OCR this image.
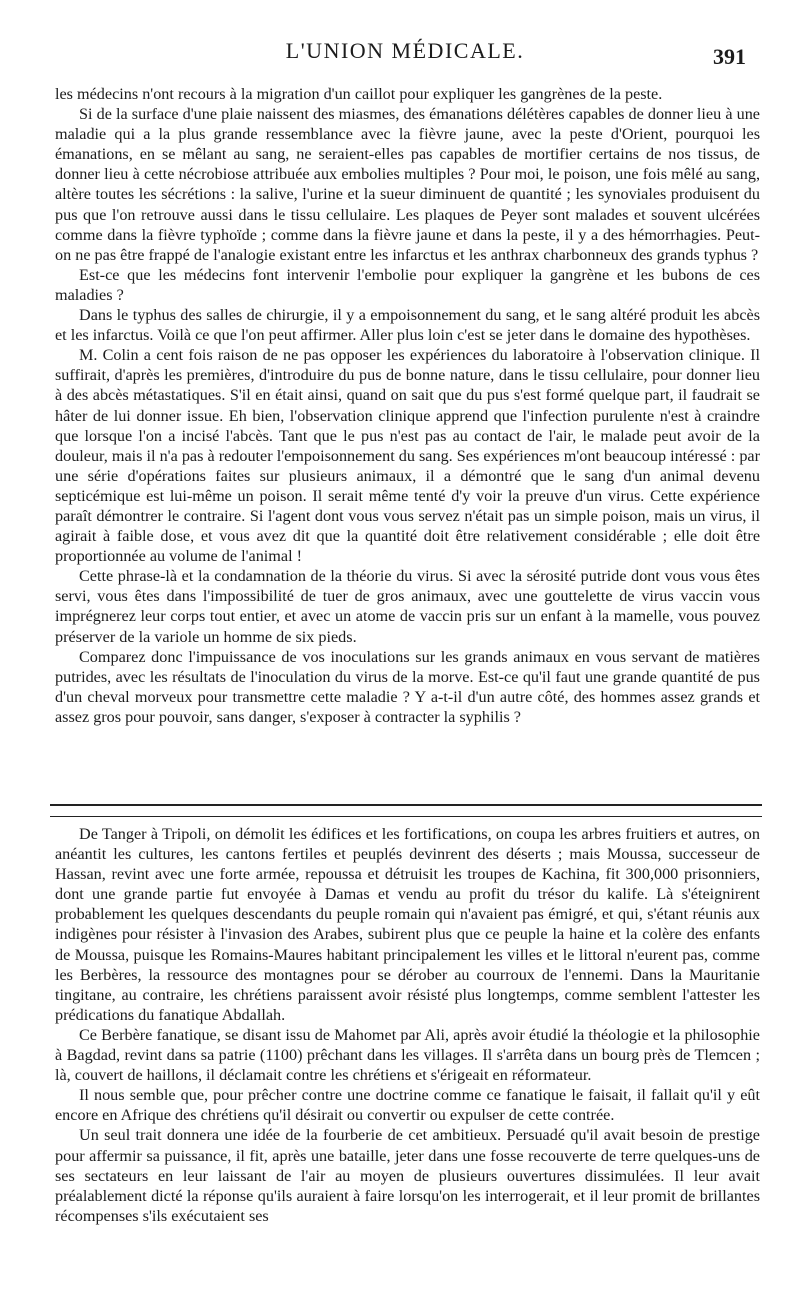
L'UNION MÉDICALE.	391

les médecins n'ont recours à la migration d'un caillot pour expliquer les gangrènes de la peste.

Si de la surface d'une plaie naissent des miasmes, des émanations délétères capables de donner lieu à une maladie qui a la plus grande ressemblance avec la fièvre jaune, avec la peste d'Orient, pourquoi les émanations, en se mêlant au sang, ne seraient-elles pas capables de mortifier certains de nos tissus, de donner lieu à cette nécrobiose attribuée aux embolies multiples ? Pour moi, le poison, une fois mêlé au sang, altère toutes les sécrétions : la salive, l'urine et la sueur diminuent de quantité ; les synoviales produisent du pus que l'on retrouve aussi dans le tissu cellulaire. Les plaques de Peyer sont malades et souvent ulcérées comme dans la fièvre typhoïde ; comme dans la fièvre jaune et dans la peste, il y a des hémorrhagies. Peut-on ne pas être frappé de l'analogie existant entre les infarctus et les anthrax charbonneux des grands typhus ?

Est-ce que les médecins font intervenir l'embolie pour expliquer la gangrène et les bubons de ces maladies ?

Dans le typhus des salles de chirurgie, il y a empoisonnement du sang, et le sang altéré produit les abcès et les infarctus. Voilà ce que l'on peut affirmer. Aller plus loin c'est se jeter dans le domaine des hypothèses.

M. Colin a cent fois raison de ne pas opposer les expériences du laboratoire à l'observation clinique. Il suffirait, d'après les premières, d'introduire du pus de bonne nature, dans le tissu cellulaire, pour donner lieu à des abcès métastatiques. S'il en était ainsi, quand on sait que du pus s'est formé quelque part, il faudrait se hâter de lui donner issue. Eh bien, l'observation clinique apprend que l'infection purulente n'est à craindre que lorsque l'on a incisé l'abcès. Tant que le pus n'est pas au contact de l'air, le malade peut avoir de la douleur, mais il n'a pas à redouter l'empoisonnement du sang. Ses expériences m'ont beaucoup intéressé : par une série d'opérations faites sur plusieurs animaux, il a démontré que le sang d'un animal devenu septicémique est lui-même un poison. Il serait même tenté d'y voir la preuve d'un virus. Cette expérience paraît démontrer le contraire. Si l'agent dont vous vous servez n'était pas un simple poison, mais un virus, il agirait à faible dose, et vous avez dit que la quantité doit être relativement considérable ; elle doit être proportionnée au volume de l'animal !

Cette phrase-là et la condamnation de la théorie du virus. Si avec la sérosité putride dont vous vous êtes servi, vous êtes dans l'impossibilité de tuer de gros animaux, avec une gouttelette de virus vaccin vous imprégnerez leur corps tout entier, et avec un atome de vaccin pris sur un enfant à la mamelle, vous pouvez préserver de la variole un homme de six pieds.

Comparez donc l'impuissance de vos inoculations sur les grands animaux en vous servant de matières putrides, avec les résultats de l'inoculation du virus de la morve. Est-ce qu'il faut une grande quantité de pus d'un cheval morveux pour transmettre cette maladie ? Y a-t-il d'un autre côté, des hommes assez grands et assez gros pour pouvoir, sans danger, s'exposer à contracter la syphilis ?

De Tanger à Tripoli, on démolit les édifices et les fortifications, on coupa les arbres fruitiers et autres, on anéantit les cultures, les cantons fertiles et peuplés devinrent des déserts ; mais Moussa, successeur de Hassan, revint avec une forte armée, repoussa et détruisit les troupes de Kachina, fit 300,000 prisonniers, dont une grande partie fut envoyée à Damas et vendu au profit du trésor du kalife. Là s'éteignirent probablement les quelques descendants du peuple romain qui n'avaient pas émigré, et qui, s'étant réunis aux indigènes pour résister à l'invasion des Arabes, subirent plus que ce peuple la haine et la colère des enfants de Moussa, puisque les Romains-Maures habitant principalement les villes et le littoral n'eurent pas, comme les Berbères, la ressource des montagnes pour se dérober au courroux de l'ennemi. Dans la Mauritanie tingitane, au contraire, les chrétiens paraissent avoir résisté plus longtemps, comme semblent l'attester les prédications du fanatique Abdallah.

Ce Berbère fanatique, se disant issu de Mahomet par Ali, après avoir étudié la théologie et la philosophie à Bagdad, revint dans sa patrie (1100) prêchant dans les villages. Il s'arrêta dans un bourg près de Tlemcen ; là, couvert de haillons, il déclamait contre les chrétiens et s'érigeait en réformateur.

Il nous semble que, pour prêcher contre une doctrine comme ce fanatique le faisait, il fallait qu'il y eût encore en Afrique des chrétiens qu'il désirait ou convertir ou expulser de cette contrée.

Un seul trait donnera une idée de la fourberie de cet ambitieux. Persuadé qu'il avait besoin de prestige pour affermir sa puissance, il fit, après une bataille, jeter dans une fosse recouverte de terre quelques-uns de ses sectateurs en leur laissant de l'air au moyen de plusieurs ouvertures dissimulées. Il leur avait préalablement dicté la réponse qu'ils auraient à faire lorsqu'on les interrogerait, et il leur promit de brillantes récompenses s'ils exécutaient ses
